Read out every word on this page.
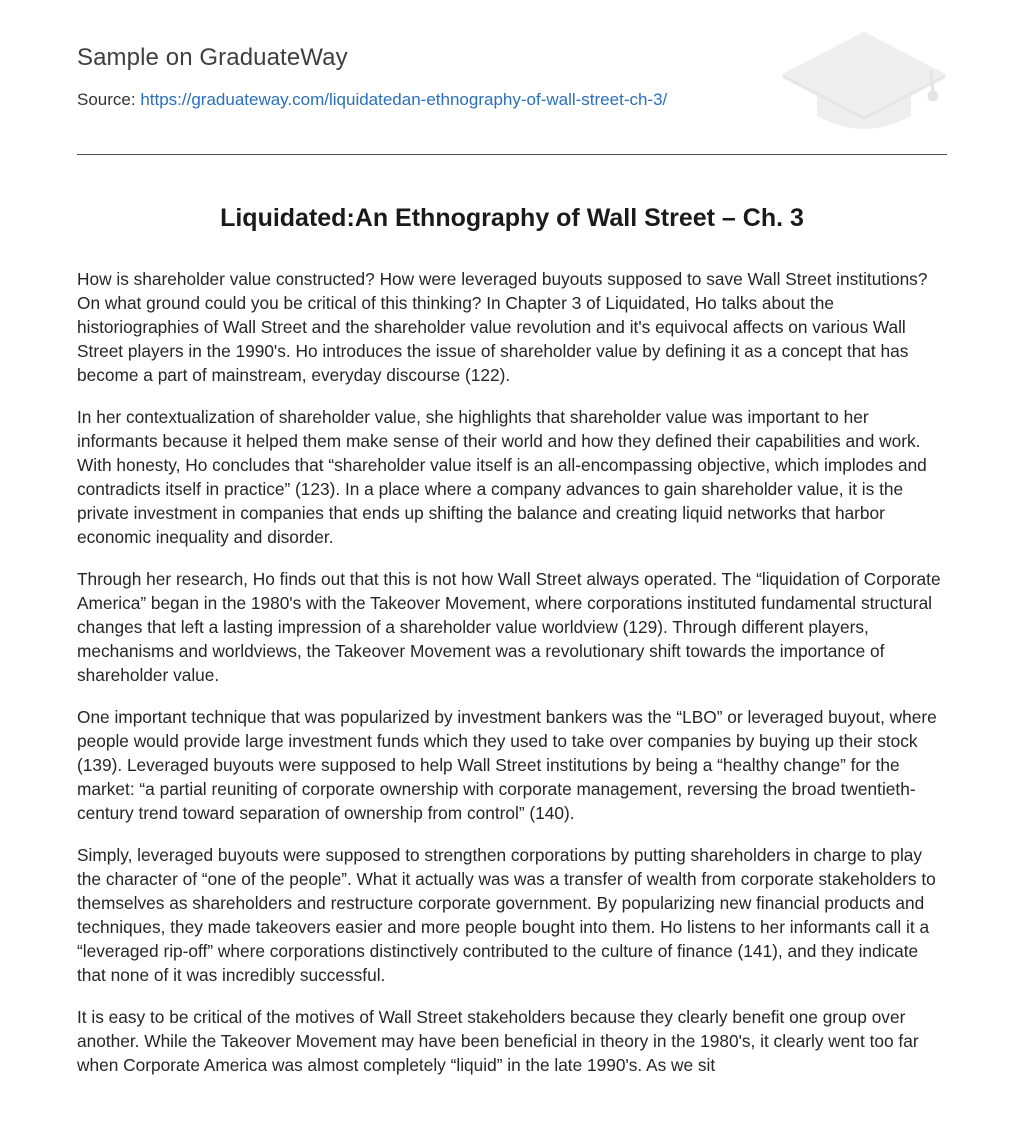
Sample on GraduateWay
Source: https://graduateway.com/liquidatedan-ethnography-of-wall-street-ch-3/
Liquidated:An Ethnography of Wall Street – Ch. 3

How is shareholder value constructed? How were leveraged buyouts supposed to save Wall Street institutions? On what ground could you be critical of this thinking? In Chapter 3 of Liquidated, Ho talks about the historiographies of Wall Street and the shareholder value revolution and it's equivocal affects on various Wall Street players in the 1990's. Ho introduces the issue of shareholder value by defining it as a concept that has become a part of mainstream, everyday discourse (122).

In her contextualization of shareholder value, she highlights that shareholder value was important to her informants because it helped them make sense of their world and how they defined their capabilities and work. With honesty, Ho concludes that “shareholder value itself is an all-encompassing objective, which implodes and contradicts itself in practice” (123). In a place where a company advances to gain shareholder value, it is the private investment in companies that ends up shifting the balance and creating liquid networks that harbor economic inequality and disorder.

Through her research, Ho finds out that this is not how Wall Street always operated. The “liquidation of Corporate America” began in the 1980's with the Takeover Movement, where corporations instituted fundamental structural changes that left a lasting impression of a shareholder value worldview (129). Through different players, mechanisms and worldviews, the Takeover Movement was a revolutionary shift towards the importance of shareholder value.

One important technique that was popularized by investment bankers was the “LBO” or leveraged buyout, where people would provide large investment funds which they used to take over companies by buying up their stock (139). Leveraged buyouts were supposed to help Wall Street institutions by being a “healthy change” for the market: “a partial reuniting of corporate ownership with corporate management, reversing the broad twentieth-century trend toward separation of ownership from control” (140).

Simply, leveraged buyouts were supposed to strengthen corporations by putting shareholders in charge to play the character of “one of the people”. What it actually was was a transfer of wealth from corporate stakeholders to themselves as shareholders and restructure corporate government. By popularizing new financial products and techniques, they made takeovers easier and more people bought into them. Ho listens to her informants call it a “leveraged rip-off” where corporations distinctively contributed to the culture of finance (141), and they indicate that none of it was incredibly successful.

It is easy to be critical of the motives of Wall Street stakeholders because they clearly benefit one group over another. While the Takeover Movement may have been beneficial in theory in the 1980's, it clearly went too far when Corporate America was almost completely “liquid” in the late 1990's. As we sit
